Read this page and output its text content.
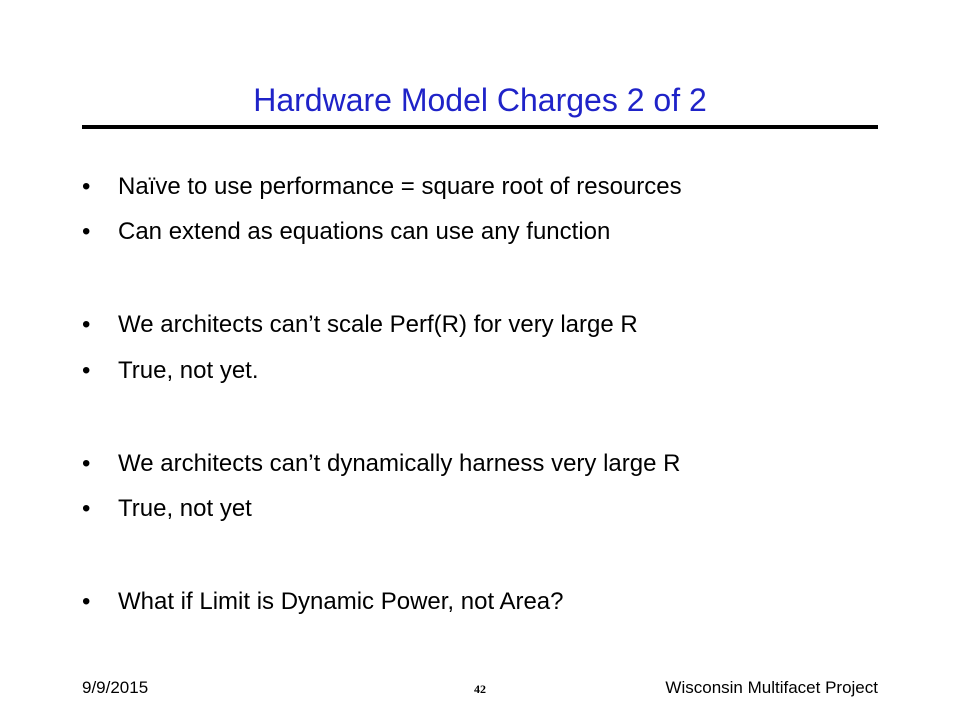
Hardware Model Charges 2 of 2
• Naïve to use performance = square root of resources
• Can extend as equations can use any function
• We architects can’t scale Perf(R) for very large R
• True, not yet.
• We architects can’t dynamically harness very large R
• True, not yet
• What if Limit is Dynamic Power, not Area?
9/9/2015	42	Wisconsin Multifacet Project
